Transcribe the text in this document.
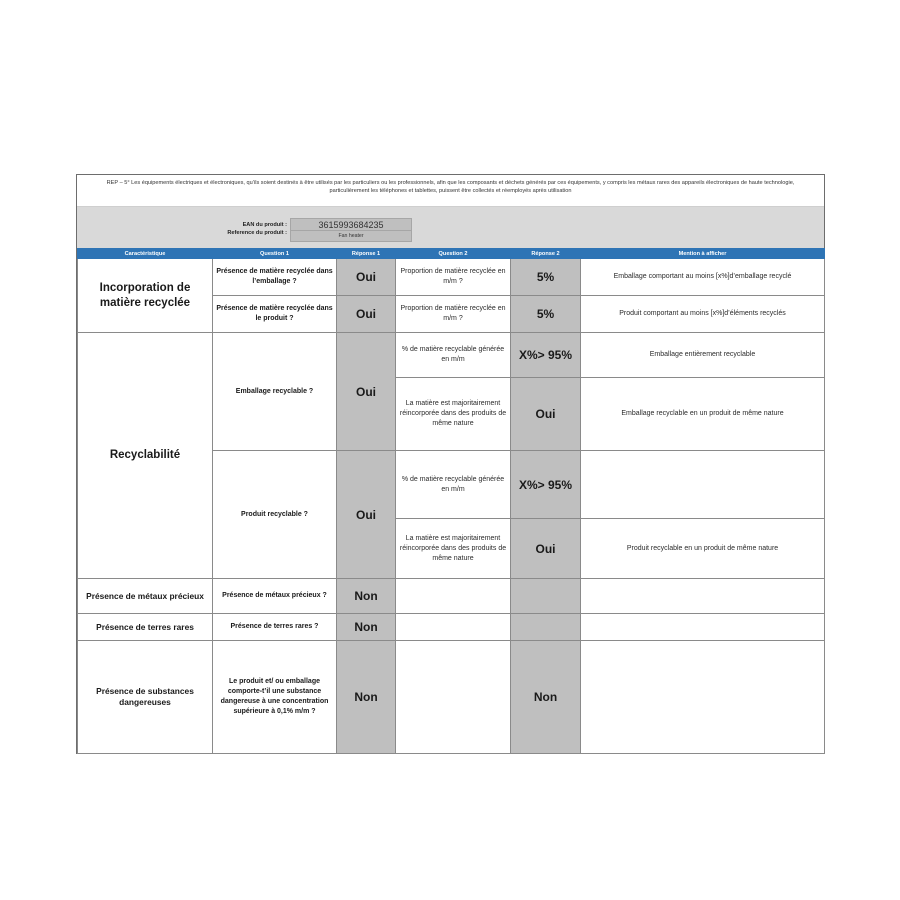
REP – 5° Les équipements électriques et électroniques, qu’ils soient destinés à être utilisés par les particuliers ou les professionnels, afin que les composants et déchets générés par ces équipements, y compris les métaux rares des appareils électroniques de haute technologie, particulièrement les téléphones et tablettes, puissent être collectés et réemployés après utilisation
EAN du produit :
Reference du produit :
3615993684235
Fan heater
Caractéristique	Question 1	Réponse 1	Question 2	Réponse 2	Mention à afficher
Incorporation de matière recyclée	Présence de matière recyclée dans l’emballage ?	Oui	Proportion de matière recyclée en m/m ?	5%	Emballage comportant au moins [x%]d’emballage recyclé
	Présence de matière recyclée dans le produit ?	Oui	Proportion de matière recyclée en m/m ?	5%	Produit comportant au moins [x%]d’éléments recyclés
Recyclabilité	Emballage recyclable ?	Oui	% de matière recyclable générée en m/m	X%> 95%	Emballage entièrement recyclable
			La matière est majoritairement réincorporée dans des produits de même nature	Oui	Emballage recyclable en un produit de même nature
	Produit recyclable ?	Oui	% de matière recyclable générée en m/m	X%> 95%	
			La matière est majoritairement réincorporée dans des produits de même nature	Oui	Produit recyclable en un produit de même nature
Présence de métaux précieux	Présence de métaux précieux ?	Non			
Présence de terres rares	Présence de terres rares ?	Non			
Présence de substances dangereuses	Le produit et/ ou emballage comporte-t’il une substance dangereuse à une concentration supérieure à 0,1% m/m ?	Non		Non	
